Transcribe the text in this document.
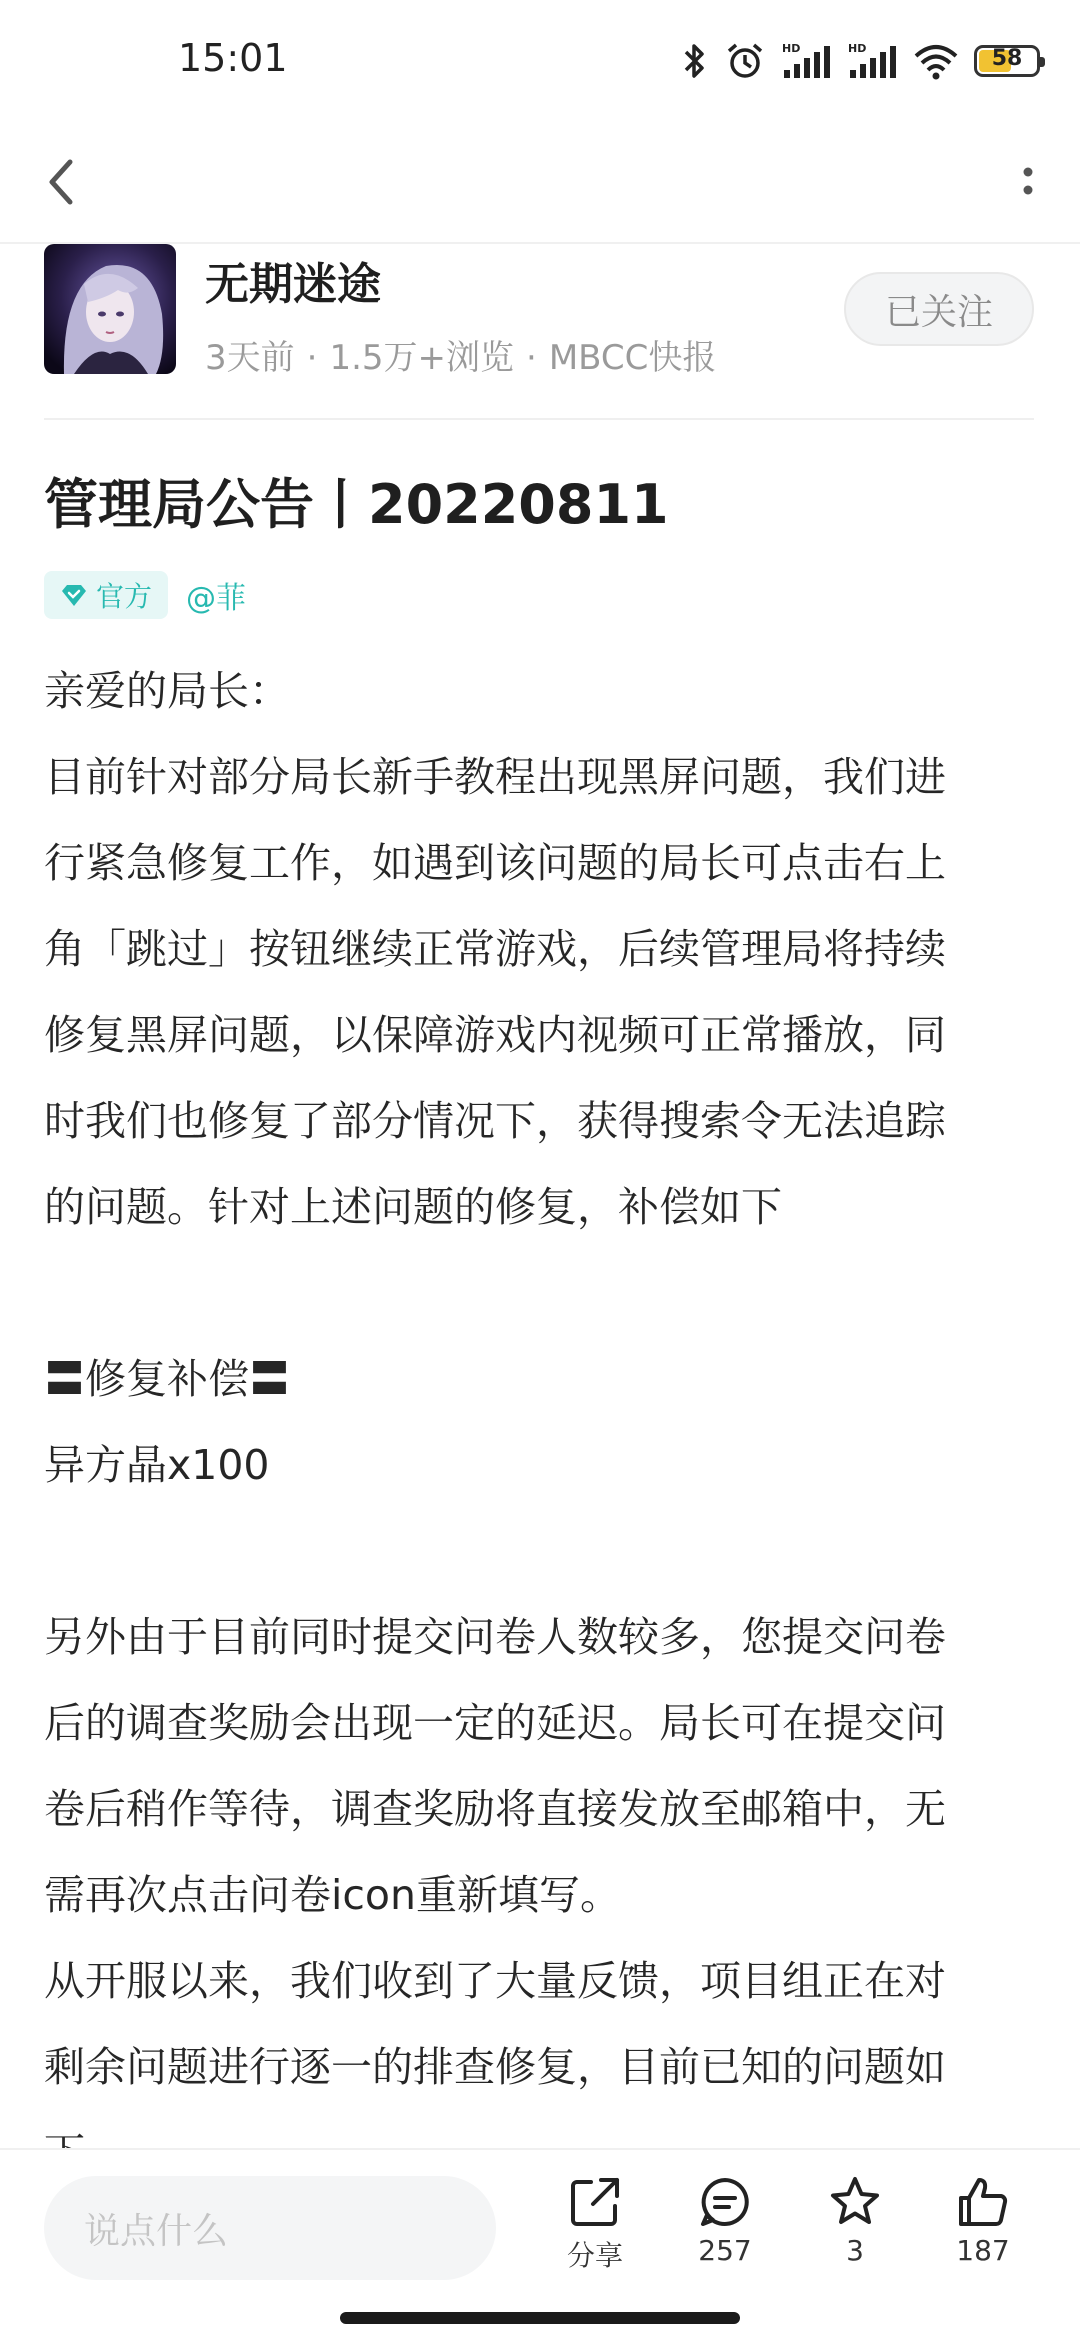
15:01	HD	HD	58
无期迷途
3天前 · 1.5万+浏览 · MBCC快报
已关注
管理局公告丨20220811
官方 @菲
亲爱的局长：
目前针对部分局长新手教程出现黑屏问题，我们进
行紧急修复工作，如遇到该问题的局长可点击右上
角「跳过」按钮继续正常游戏，后续管理局将持续
修复黑屏问题，以保障游戏内视频可正常播放，同
时我们也修复了部分情况下，获得搜索令无法追踪
的问题。针对上述问题的修复，补偿如下
〓修复补偿〓
异方晶x100
另外由于目前同时提交问卷人数较多，您提交问卷
后的调查奖励会出现一定的延迟。局长可在提交问
卷后稍作等待，调查奖励将直接发放至邮箱中，无
需再次点击问卷icon重新填写。
从开服以来，我们收到了大量反馈，项目组正在对
剩余问题进行逐一的排查修复，目前已知的问题如
说点什么
分享	257	3	187
